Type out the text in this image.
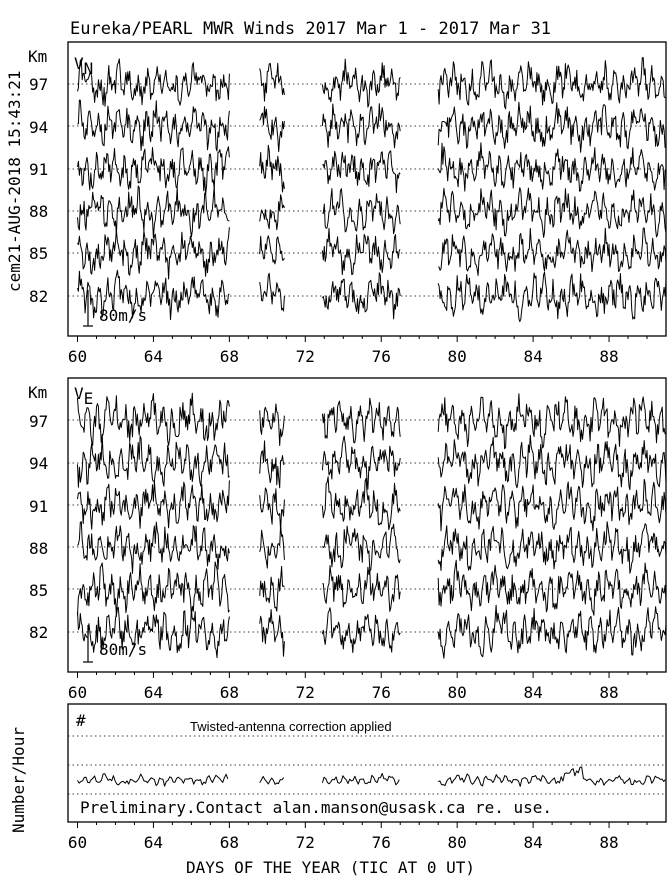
Eureka/PEARL MWR Winds 2017 Mar 1 - 2017 Mar 31
cem21-AUG-2018 15:43:21
Km VN
97
94
91
88
85
82
80m/s
60	64	68	72	76	80	84	88
Km VE
97
94
91
88
85
82
80m/s
60	64	68	72	76	80	84	88
Number/Hour
#	Twisted-antenna correction applied
Preliminary.Contact alan.manson@usask.ca re. use.
60	64	68	72	76	80	84	88
DAYS OF THE YEAR (TIC AT 0 UT)
